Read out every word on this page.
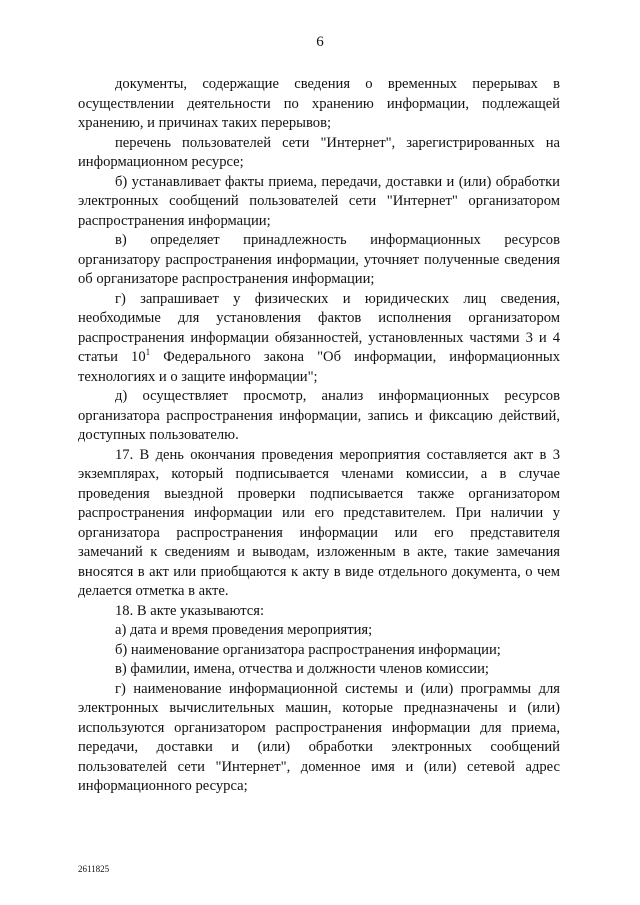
6

документы, содержащие сведения о временных перерывах в осуществлении деятельности по хранению информации, подлежащей хранению, и причинах таких перерывов;

перечень пользователей сети "Интернет", зарегистрированных на информационном ресурсе;

б) устанавливает факты приема, передачи, доставки и (или) обработки электронных сообщений пользователей сети "Интернет" организатором распространения информации;

в) определяет принадлежность информационных ресурсов организатору распространения информации, уточняет полученные сведения об организаторе распространения информации;

г) запрашивает у физических и юридических лиц сведения, необходимые для установления фактов исполнения организатором распространения информации обязанностей, установленных частями 3 и 4 статьи $10^1$ Федерального закона "Об информации, информационных технологиях и о защите информации";

д) осуществляет просмотр, анализ информационных ресурсов организатора распространения информации, запись и фиксацию действий, доступных пользователю.

17. В день окончания проведения мероприятия составляется акт в 3 экземплярах, который подписывается членами комиссии, а в случае проведения выездной проверки подписывается также организатором распространения информации или его представителем. При наличии у организатора распространения информации или его представителя замечаний к сведениям и выводам, изложенным в акте, такие замечания вносятся в акт или приобщаются к акту в виде отдельного документа, о чем делается отметка в акте.

18. В акте указываются:

а) дата и время проведения мероприятия;

б) наименование организатора распространения информации;

в) фамилии, имена, отчества и должности членов комиссии;

г) наименование информационной системы и (или) программы для электронных вычислительных машин, которые предназначены и (или) используются организатором распространения информации для приема, передачи, доставки и (или) обработки электронных сообщений пользователей сети "Интернет", доменное имя и (или) сетевой адрес информационного ресурса;

2611825
